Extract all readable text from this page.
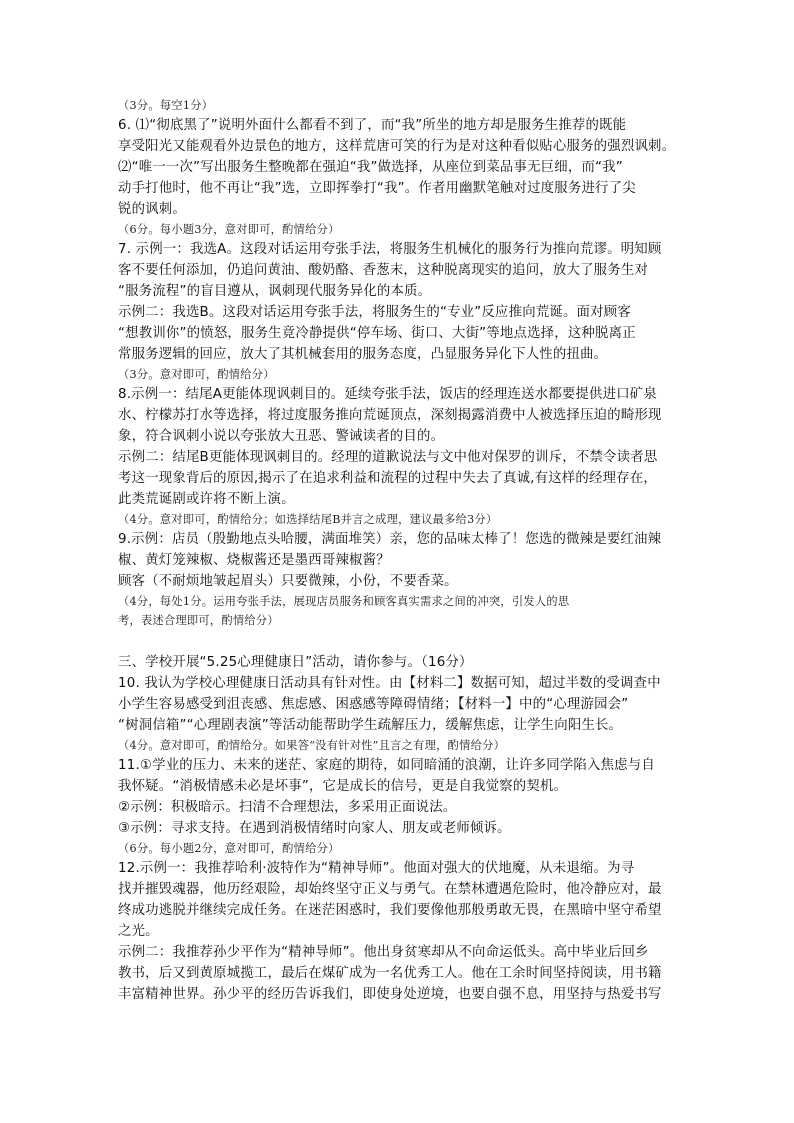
（3分。每空1分）
6. ⑴“彻底黑了”说明外面什么都看不到了，而“我”所坐的地方却是服务生推荐的既能
享受阳光又能观看外边景色的地方，这样荒唐可笑的行为是对这种看似贴心服务的强烈讽刺。
⑵“唯一一次”写出服务生整晚都在强迫“我”做选择，从座位到菜品事无巨细，而“我”
动手打他时，他不再让“我”选，立即挥拳打“我”。作者用幽默笔触对过度服务进行了尖
锐的讽刺。
（6分。每小题3分，意对即可，酌情给分）
7. 示例一：我选A。这段对话运用夸张手法，将服务生机械化的服务行为推向荒谬。明知顾
客不要任何添加，仍追问黄油、酸奶酪、香葱末，这种脱离现实的追问，放大了服务生对
“服务流程”的盲目遵从，讽刺现代服务异化的本质。
示例二：我选B。这段对话运用夸张手法，将服务生的“专业”反应推向荒诞。面对顾客
“想教训你”的愤怒，服务生竟冷静提供“停车场、街口、大街”等地点选择，这种脱离正
常服务逻辑的回应，放大了其机械套用的服务态度，凸显服务异化下人性的扭曲。
（3分。意对即可，酌情给分）
8.示例一：结尾A更能体现讽刺目的。延续夸张手法，饭店的经理连送水都要提供进口矿泉
水、柠檬苏打水等选择，将过度服务推向荒诞顶点，深刻揭露消费中人被选择压迫的畸形现
象，符合讽刺小说以夸张放大丑恶、警诫读者的目的。
示例二：结尾B更能体现讽刺目的。经理的道歉说法与文中他对保罗的训斥，不禁令读者思
考这一现象背后的原因,揭示了在追求利益和流程的过程中失去了真诚,有这样的经理存在，
此类荒诞剧或许将不断上演。
（4分。意对即可，酌情给分；如选择结尾B并言之成理，建议最多给3分）
9.示例：店员（殷勤地点头哈腰，满面堆笑）亲，您的品味太棒了！您选的微辣是要红油辣
椒、黄灯笼辣椒、烧椒酱还是墨西哥辣椒酱？
顾客（不耐烦地皱起眉头）只要微辣，小份，不要香菜。
（4分，每处1分。运用夸张手法，展现店员服务和顾客真实需求之间的冲突，引发人的思
考，表述合理即可，酌情给分）
三、学校开展“5.25心理健康日”活动，请你参与。（16分）
10. 我认为学校心理健康日活动具有针对性。由【材料二】数据可知，超过半数的受调查中
小学生容易感受到沮丧感、焦虑感、困惑感等障碍情绪；【材料一】中的“心理游园会”
“树洞信箱”“心理剧表演”等活动能帮助学生疏解压力，缓解焦虑，让学生向阳生长。
（4分。意对即可，酌情给分。如果答“没有针对性”且言之有理，酌情给分）
11.①学业的压力、未来的迷茫、家庭的期待，如同暗涌的浪潮，让许多同学陷入焦虑与自
我怀疑。“消极情感未必是坏事”，它是成长的信号，更是自我觉察的契机。
②示例：积极暗示。扫清不合理想法，多采用正面说法。
③示例：寻求支持。在遇到消极情绪时向家人、朋友或老师倾诉。
（6分。每小题2分，意对即可，酌情给分）
12.示例一：我推荐哈利·波特作为“精神导师”。他面对强大的伏地魔，从未退缩。为寻
找并摧毁魂器，他历经艰险，却始终坚守正义与勇气。在禁林遭遇危险时，他冷静应对，最
终成功逃脱并继续完成任务。在迷茫困惑时，我们要像他那般勇敢无畏，在黑暗中坚守希望
之光。
示例二：我推荐孙少平作为“精神导师”。他出身贫寒却从不向命运低头。高中毕业后回乡
教书，后又到黄原城揽工，最后在煤矿成为一名优秀工人。他在工余时间坚持阅读，用书籍
丰富精神世界。孙少平的经历告诉我们，即使身处逆境，也要自强不息，用坚持与热爱书写
